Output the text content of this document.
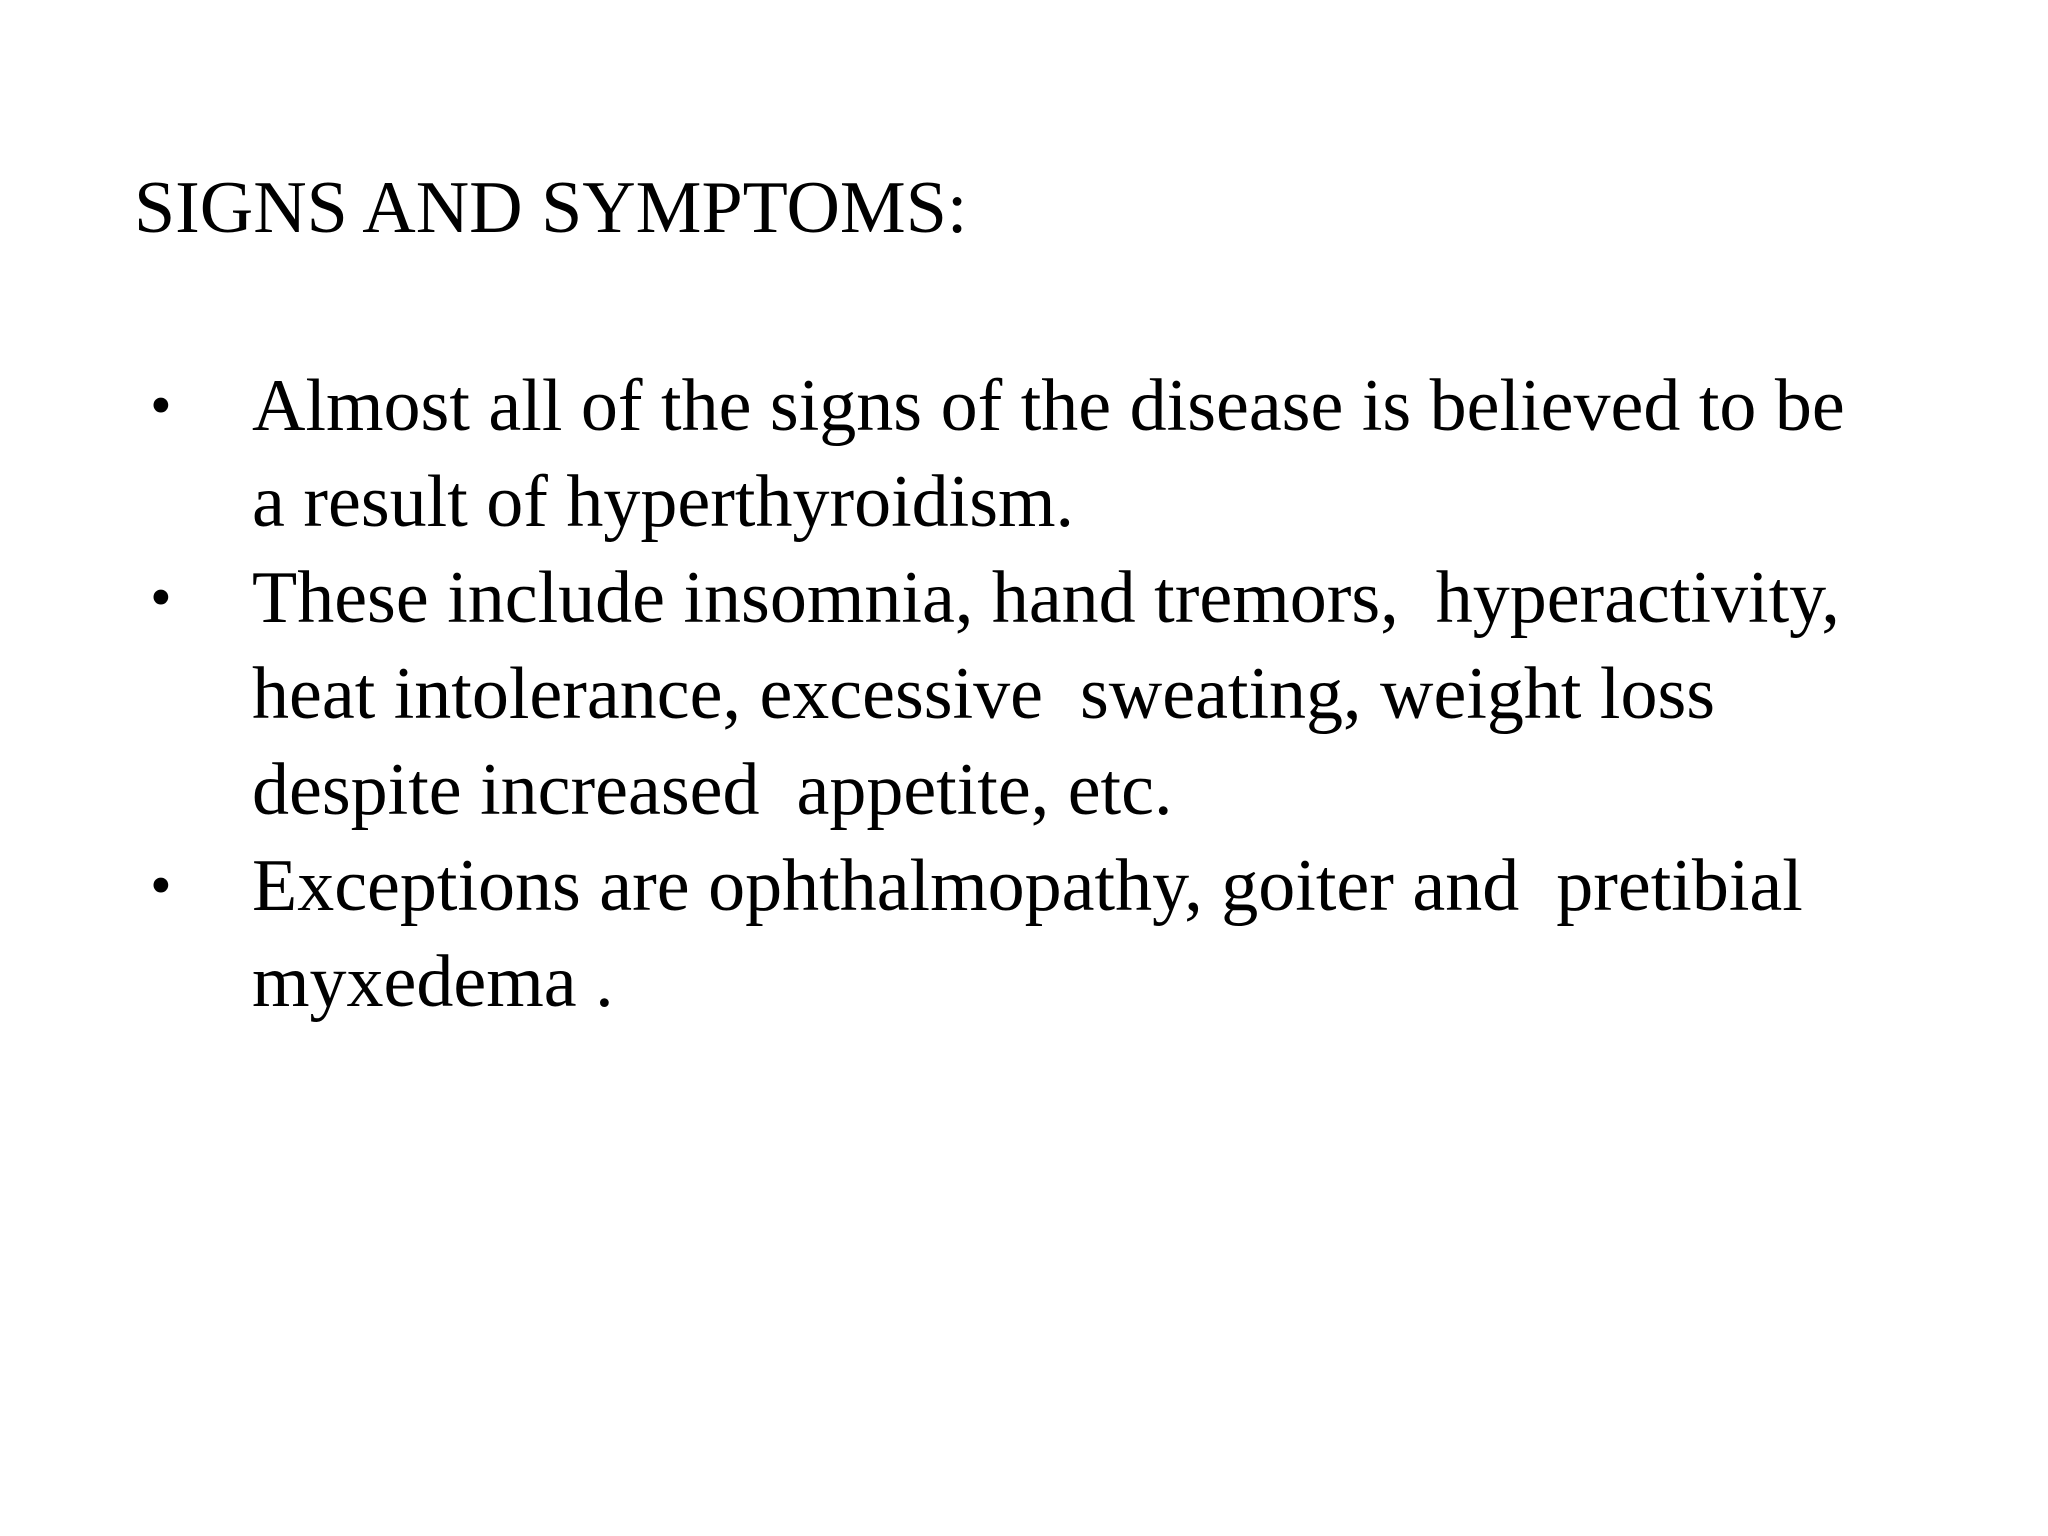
SIGNS AND SYMPTOMS:
• Almost all of the signs of the disease is believed to be
a result of hyperthyroidism.
• These include insomnia, hand tremors,  hyperactivity,
heat intolerance, excessive  sweating, weight loss
despite increased  appetite, etc.
• Exceptions are ophthalmopathy, goiter and  pretibial
myxedema .
